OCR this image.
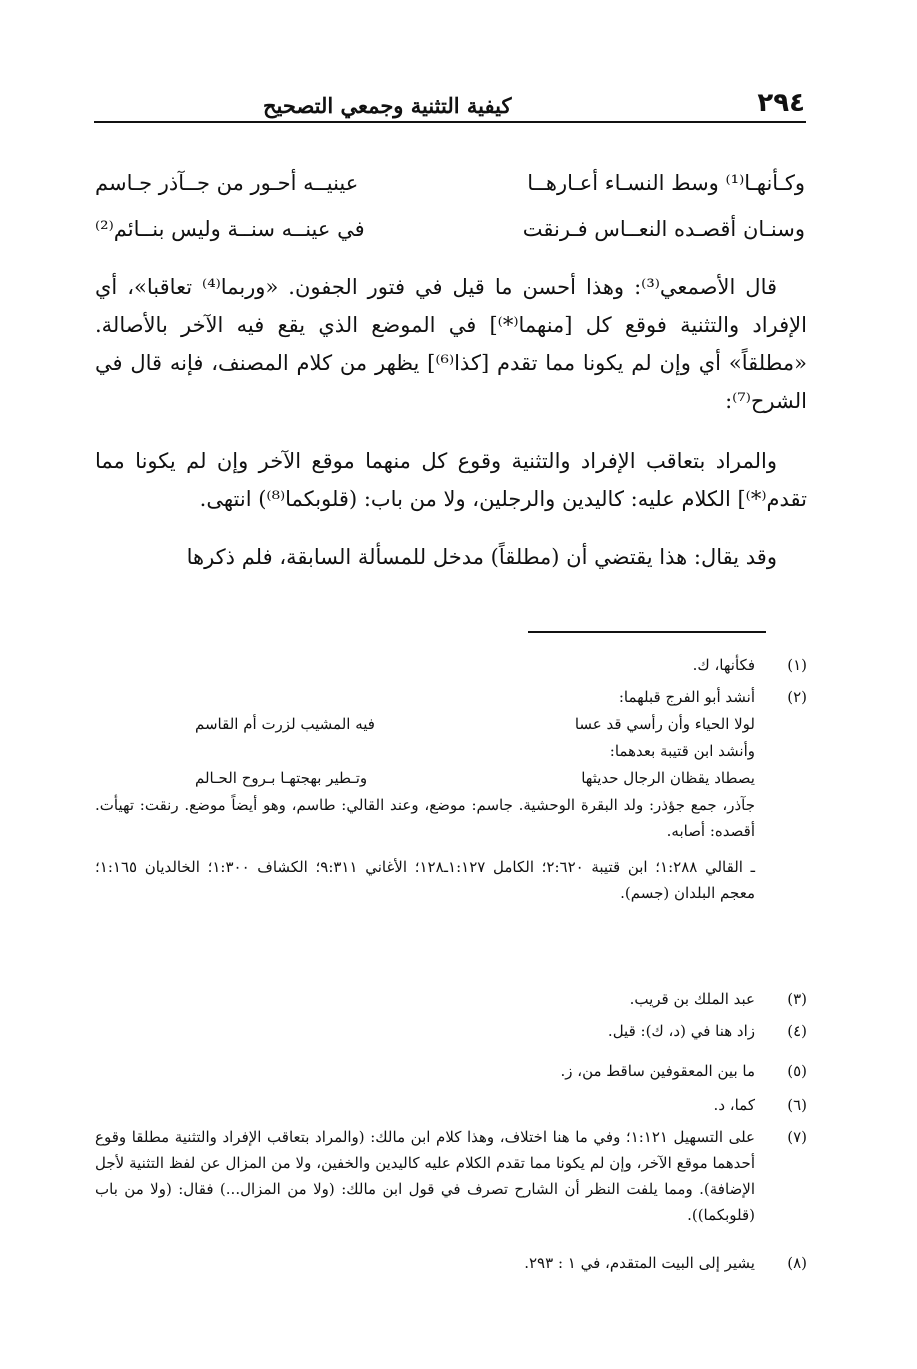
٢٩٤
كيفية التثنية وجمعي التصحيح
وكـأنهـا⁽¹⁾ وسط النسـاء أعـارهــا
عينيــه أحـور من جــآذر جـاسم
وسنـان أقصـده النعــاس فـرنقت
في عينــه سنــة وليس بنــائم⁽²⁾
قال الأصمعي⁽³⁾: وهذا أحسن ما قيل في فتور الجفون. «وربما⁽⁴⁾ تعاقبا»، أي الإفراد والتثنية فوقع كل [منهما⁽*⁾] في الموضع الذي يقع فيه الآخر بالأصالة. «مطلقاً» أي وإن لم يكونا مما تقدم [كذا⁽⁶⁾] يظهر من كلام المصنف، فإنه قال في الشرح⁽⁷⁾:
والمراد بتعاقب الإفراد والتثنية وقوع كل منهما موقع الآخر وإن لم يكونا مما تقدم⁽*⁾] الكلام عليه: كاليدين والرجلين، ولا من باب: (قلوبكما⁽⁸⁾) انتهى.
وقد يقال: هذا يقتضي أن (مطلقاً) مدخل للمسألة السابقة، فلم ذكرها
(١)
فكأنها، ك.
(٢)
أنشد أبو الفرج قبلهما:
لولا الحياء وأن رأسي قد عسا
فيه المشيب لزرت أم القاسم
وأنشد ابن قتيبة بعدهما:
يصطاد يقظان الرجال حديثها
وتـطير بهجتهـا بـروح الحـالم
جآذر، جمع جؤذر: ولد البقرة الوحشية. جاسم: موضع، وعند القالي: طاسم، وهو أيضاً موضع. رنقت: تهيأت. أقصده: أصابه.
ـ القالي ١:٢٨٨؛ ابن قتيبة ٢:٦٢٠؛ الكامل ١:١٢٧ـ١٢٨؛ الأغاني ٩:٣١١؛ الكشاف ١:٣٠٠؛ الخالديان ١:١٦٥؛ معجم البلدان (جسم).
(٣)
عبد الملك بن قريب.
(٤)
زاد هنا في (د، ك): قيل.
(٥)
ما بين المعقوفين ساقط من، ز.
(٦)
كما، د.
(٧)
على التسهيل ١:١٢١؛ وفي ما هنا اختلاف، وهذا كلام ابن مالك: (والمراد بتعاقب الإفراد والتثنية مطلقا وقوع أحدهما موقع الآخر، وإن لم يكونا مما تقدم الكلام عليه كاليدين والخفين، ولا من المزال عن لفظ التثنية لأجل الإضافة). ومما يلفت النظر أن الشارح تصرف في قول ابن مالك: (ولا من المزال...) فقال: (ولا من باب (قلوبكما)).
(٨)
يشير إلى البيت المتقدم، في ١ : ٢٩٣.
